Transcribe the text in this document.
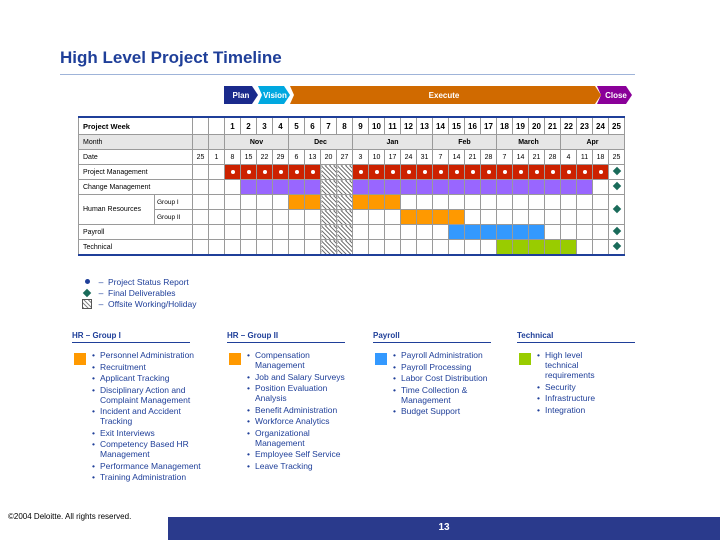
High Level Project Timeline
Plan	Vision	Execute	Close
Project Week				1	2	3	4	5	6	7	8	9	10	11	12	13	14	15	16	17	18	19	20	21	22	23	24	25
Month				Nov				Dec				Jan					Feb				March				Apr			
Date		25	1	8	15	22	29	6	13	20	27	3	10	17	24	31	7	14	21	28	7	14	21	28	4	11	18	25
Project Management																												
Change Management																												
Human Resources	Group I																											
	Group II																											
Payroll																												
Technical																												
– Project Status Report
– Final Deliverables
– Offsite Working/Holiday
HR – Group I
• Personnel Administration
• Recruitment
• Applicant Tracking
• Disciplinary Action and Complaint Management
• Incident and Accident Tracking
• Exit Interviews
• Competency Based HR Management
• Performance Management
• Training Administration
HR – Group II
• Compensation Management
• Job and Salary Surveys
• Position Evaluation Analysis
• Benefit Administration
• Workforce Analytics
• Organizational Management
• Employee Self Service
• Leave Tracking
Payroll
• Payroll Administration
• Payroll Processing
• Labor Cost Distribution
• Time Collection & Management
• Budget Support
Technical
• High level technical requirements
• Security
• Infrastructure
• Integration
©2004 Deloitte. All rights reserved.
13
